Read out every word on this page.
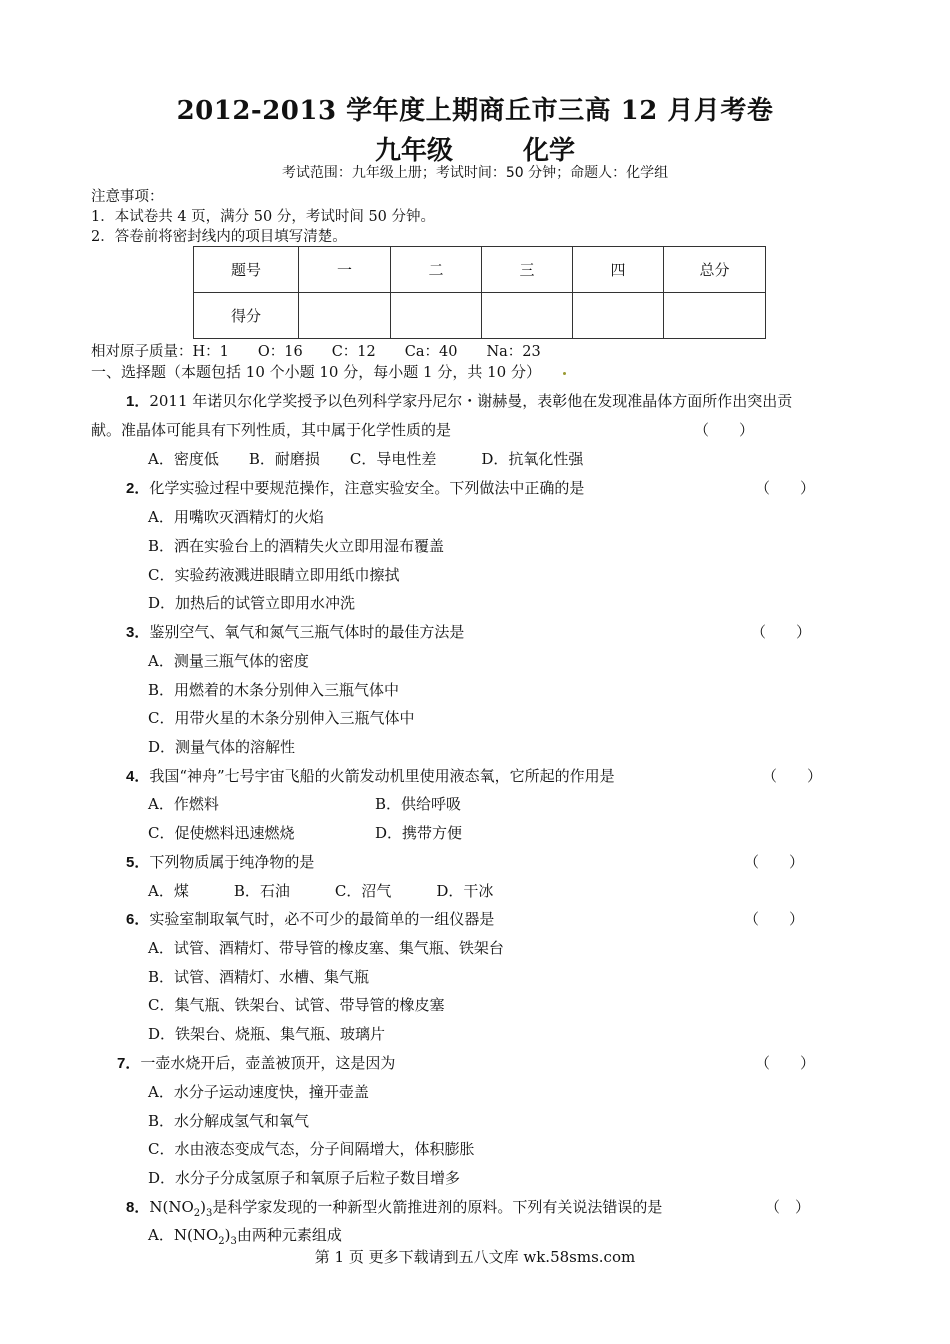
2012-2013 学年度上期商丘市三高 12 月月考卷
九年级	化学
考试范围：九年级上册；考试时间：50 分钟；命题人：化学组
注意事项：
1．本试卷共 4 页，满分 50 分，考试时间 50 分钟。
2．答卷前将密封线内的项目填写清楚。
题号	一	二	三	四	总分
得分					
相对原子质量：H：1　　O：16　　C：12　　Ca：40　　Na：23
一、选择题（本题包括 10 个小题 10 分，每小题 1 分，共 10 分）
1．2011 年诺贝尔化学奖授予以色列科学家丹尼尔・谢赫曼，表彰他在发现准晶体方面所作出突出贡
献。准晶体可能具有下列性质，其中属于化学性质的是	（　　）
A．密度低　　B．耐磨损　　C．导电性差　　　D．抗氧化性强
2．化学实验过程中要规范操作，注意实验安全。下列做法中正确的是	（　　）
A．用嘴吹灭酒精灯的火焰
B．洒在实验台上的酒精失火立即用湿布覆盖
C．实验药液溅进眼睛立即用纸巾擦拭
D．加热后的试管立即用水冲洗
3．鉴别空气、氧气和氮气三瓶气体时的最佳方法是	（　　）
A．测量三瓶气体的密度
B．用燃着的木条分别伸入三瓶气体中
C．用带火星的木条分别伸入三瓶气体中
D．测量气体的溶解性
4．我国“神舟”七号宇宙飞船的火箭发动机里使用液态氧，它所起的作用是	（　　）
A．作燃料	B．供给呼吸
C．促使燃料迅速燃烧	D．携带方便
5．下列物质属于纯净物的是	（　　）
A．煤　　　B．石油　　　C．沼气　　　D．干冰
6．实验室制取氧气时，必不可少的最简单的一组仪器是	（　　）
A．试管、酒精灯、带导管的橡皮塞、集气瓶、铁架台
B．试管、酒精灯、水槽、集气瓶
C．集气瓶、铁架台、试管、带导管的橡皮塞
D．铁架台、烧瓶、集气瓶、玻璃片
7．一壶水烧开后，壶盖被顶开，这是因为	（　　）
A．水分子运动速度快，撞开壶盖
B．水分解成氢气和氧气
C．水由液态变成气态，分子间隔增大，体积膨胀
D．水分子分成氢原子和氧原子后粒子数目增多
8．$N(NO_2)_3$是科学家发现的一种新型火箭推进剂的原料。下列有关说法错误的是	（　）
A．$N(NO_2)_3$由两种元素组成
第 1 页 更多下载请到五八文库 wk.58sms.com
